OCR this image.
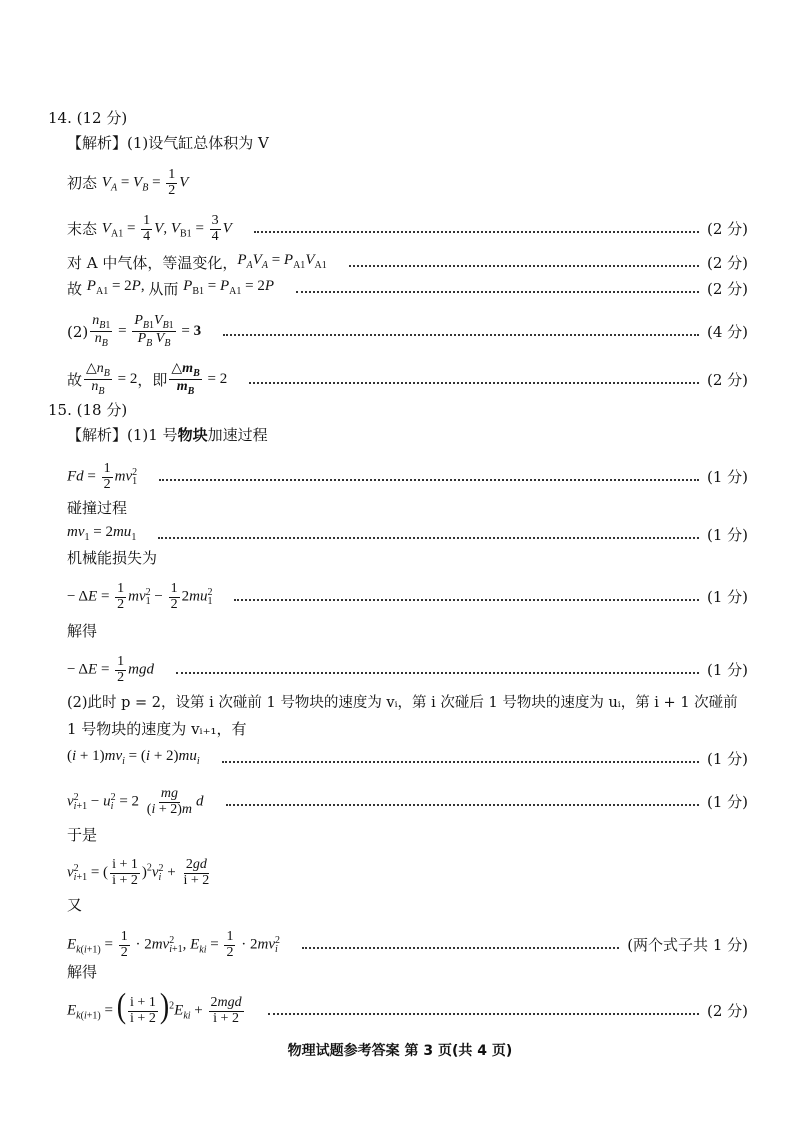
14. (12 分)
【解析】(1)设气缸总体积为 V
初态
$V_A = V_B = \frac{1}{2}$ V
末态
$V_{A1} = \frac{1}{4} V$, $V_{B1} = \frac{3}{4}$ V	(2 分)
对 A 中气体，等温变化， $P_AV_A = P_{A1}V_{A1}$	(2 分)
故
$P_{A1} = 2P$, 从而
$P_{B1} = P_{A1} = 2P$	(2 分)
$(2) \frac{n_{B1}}{n_B} = \frac{P_{B1}V_{B1}}{P_B V_B} = 3$	(4 分)
故 $\frac{\triangle n_B}{n_B} = 2$ ，即 $\frac{\triangle m_B}{m_B} = 2$	(2 分)
15. (18 分)
【解析】(1)1 号 物块 加速过程
$Fd = \frac{1}{2}$ mv 2
1	(1 分)
碰撞过程
$mv_1 = 2mu_1$	(1 分)
机械能损失为
− $\Delta E = \frac{1}{2}$ mv 2
$1 - \frac{1}{2} 2mu$ 2
1	(1 分)
解得
− $\Delta E = \frac{1}{2}$ mgd	(1 分)
(2)此时 p = 2，设第 i 次碰前 1 号物块的速度为 vᵢ，第 i 次碰后 1 号物块的速度为 uᵢ，第 i + 1 次碰前
1 号物块的速度为 vᵢ₊₁，有
$(i + 1)mv_i = (i + 2)mu_i$	(1 分)
v 2
i+1 − u 2
$i = 2 \frac{mg}{(i + 2)m}$ d	(1 分)
于是
v 2
i+1 = ( $\frac{i + 1}{i + 2} )^2v$ 2
$i + \frac{2gd}{i + 2}$
又
$E_{k(i+1)} = \frac{1}{2} \cdot 2mv$ 2
i+1 , $E_{ki} = \frac{1}{2} \cdot 2mv$ 2
i	(两个式子共 1 分)
解得
$E_{k(i+1)}$ = ( $\frac{i + 1}{i + 2} )^2E_{ki} + \frac{\text{2mgd}}{i + 2}$	(2 分)
物理试题参考答案 第 3 页(共 4 页)
